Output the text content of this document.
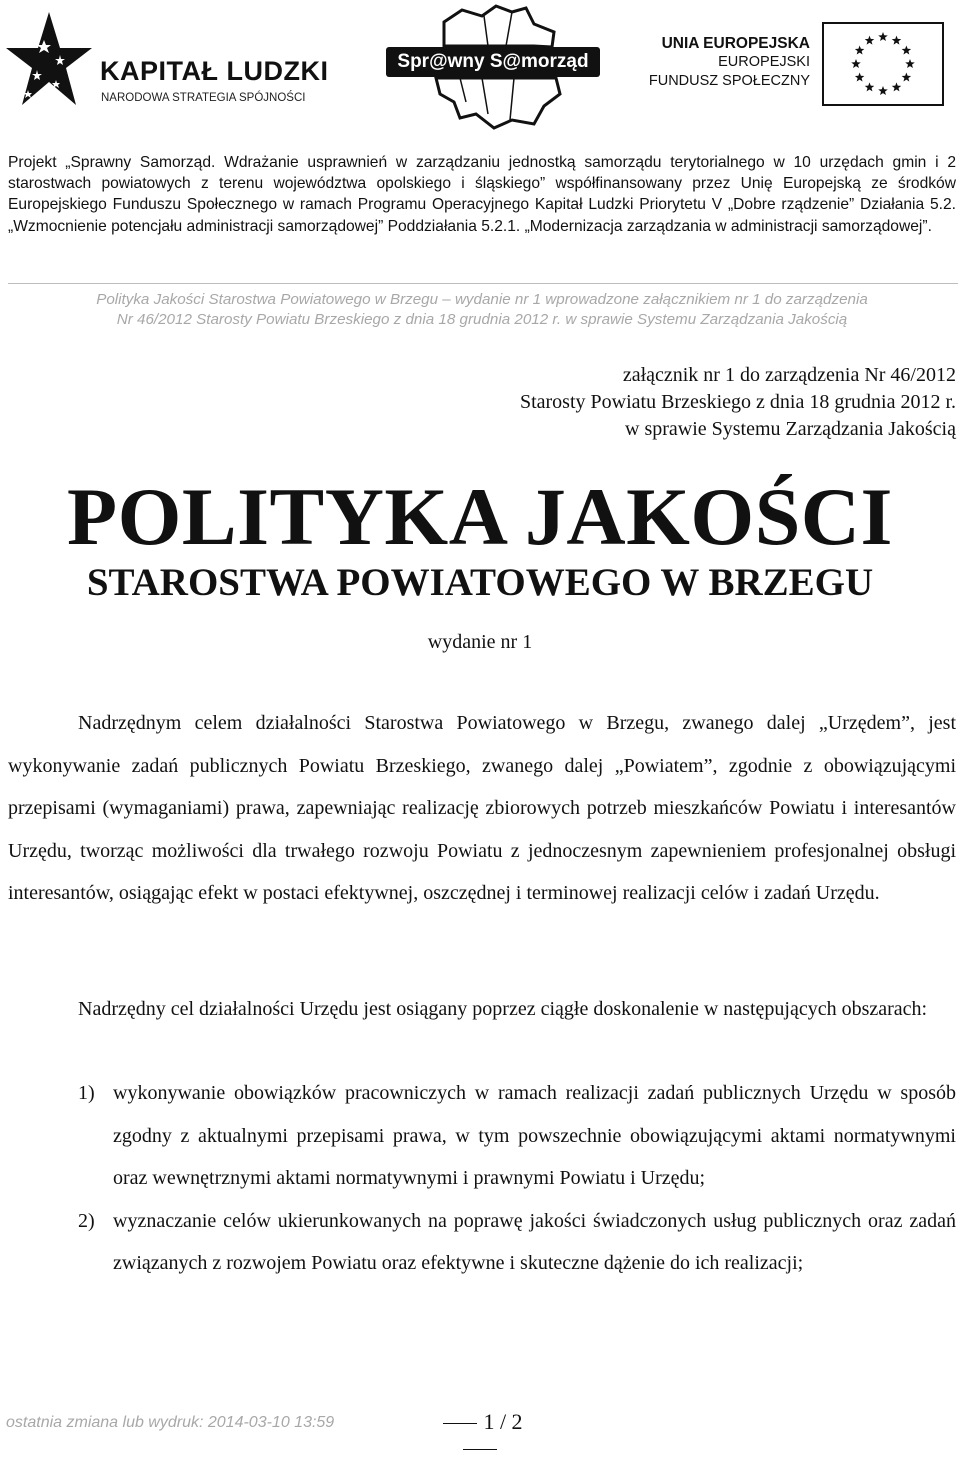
KAPITAŁ LUDZKI
NARODOWA STRATEGIA SPÓJNOŚCI
Spr@wny S@morząd
UNIA EUROPEJSKA
EUROPEJSKI
FUNDUSZ SPOŁECZNY
Projekt „Sprawny Samorząd. Wdrażanie usprawnień w zarządzaniu jednostką samorządu terytorialnego w 10 urzędach gmin i 2 starostwach powiatowych z terenu województwa opolskiego i śląskiego” współfinansowany przez Unię Europejską ze środków Europejskiego Funduszu Społecznego w ramach Programu Operacyjnego Kapitał Ludzki Priorytetu V „Dobre rządzenie” Działania 5.2. „Wzmocnienie potencjału administracji samorządowej” Poddziałania 5.2.1. „Modernizacja zarządzania w administracji samorządowej”.
Polityka Jakości Starostwa Powiatowego w Brzegu – wydanie nr 1 wprowadzone załącznikiem nr 1 do zarządzenia
Nr 46/2012 Starosty Powiatu Brzeskiego z dnia 18 grudnia 2012 r. w sprawie Systemu Zarządzania Jakością
załącznik nr 1 do zarządzenia Nr 46/2012
Starosty Powiatu Brzeskiego z dnia 18 grudnia 2012 r.
w sprawie Systemu Zarządzania Jakością
POLITYKA JAKOŚCI
STAROSTWA POWIATOWEGO W BRZEGU
wydanie nr 1
Nadrzędnym celem działalności Starostwa Powiatowego w Brzegu, zwanego dalej „Urzędem”, jest wykonywanie zadań publicznych Powiatu Brzeskiego, zwanego dalej „Powiatem”, zgodnie z obowiązującymi przepisami (wymaganiami) prawa, zapewniając realizację zbiorowych potrzeb mieszkańców Powiatu i interesantów Urzędu, tworząc możliwości dla trwałego rozwoju Powiatu z jednoczesnym zapewnieniem profesjonalnej obsługi interesantów, osiągając efekt w postaci efektywnej, oszczędnej i terminowej realizacji celów i zadań Urzędu.
Nadrzędny cel działalności Urzędu jest osiągany poprzez ciągłe doskonalenie w następujących obszarach:
1) wykonywanie obowiązków pracowniczych w ramach realizacji zadań publicznych Urzędu w sposób zgodny z aktualnymi przepisami prawa, w tym powszechnie obowiązującymi aktami normatywnymi oraz wewnętrznymi aktami normatywnymi i prawnymi Powiatu i Urzędu;
2) wyznaczanie celów ukierunkowanych na poprawę jakości świadczonych usług publicznych oraz zadań związanych z rozwojem Powiatu oraz efektywne i skuteczne dążenie do ich realizacji;
ostatnia zmiana lub wydruk: 2014-03-10 13:59	1 / 2
